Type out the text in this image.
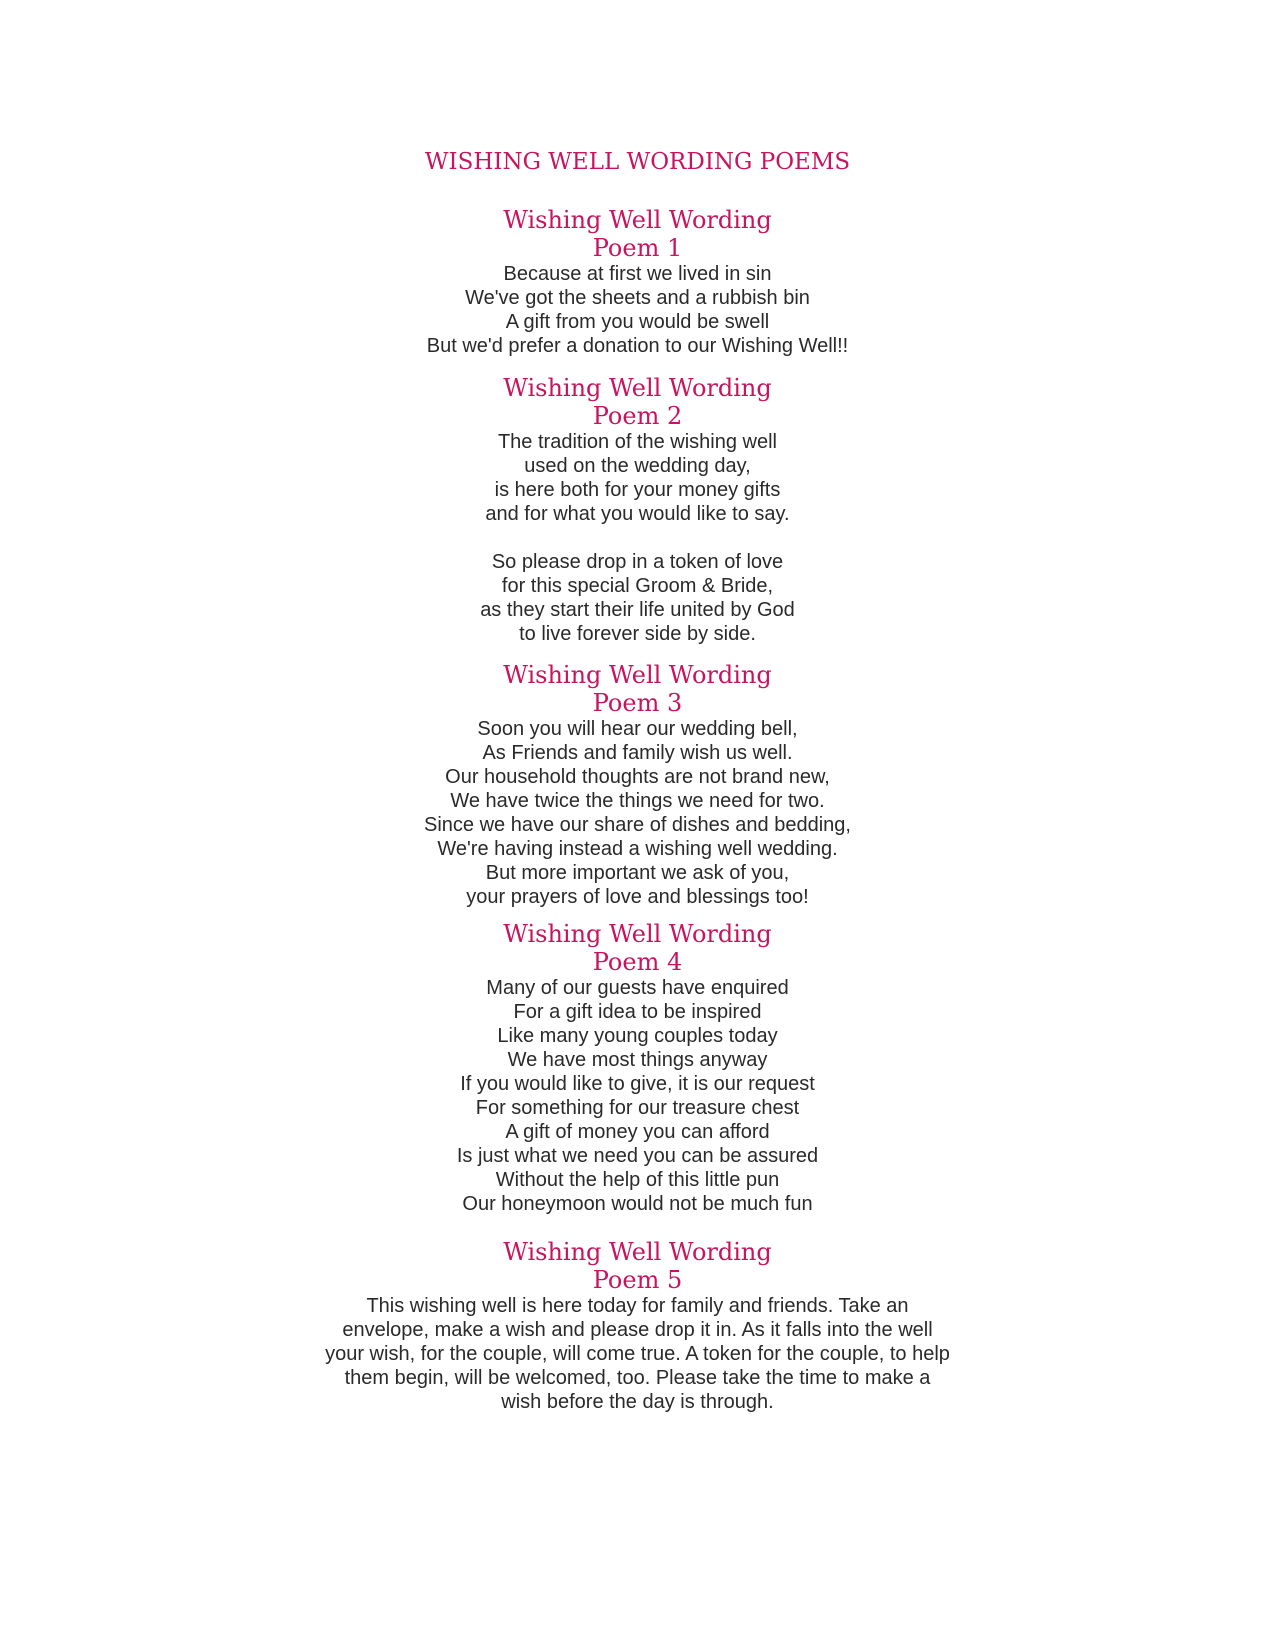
WISHING WELL WORDING POEMS
Wishing Well Wording
Poem 1
Because at first we lived in sin
We've got the sheets and a rubbish bin
A gift from you would be swell
But we'd prefer a donation to our Wishing Well!!
Wishing Well Wording
Poem 2
The tradition of the wishing well
used on the wedding day,
is here both for your money gifts
and for what you would like to say.
So please drop in a token of love
for this special Groom & Bride,
as they start their life united by God
to live forever side by side.
Wishing Well Wording
Poem 3
Soon you will hear our wedding bell,
As Friends and family wish us well.
Our household thoughts are not brand new,
We have twice the things we need for two.
Since we have our share of dishes and bedding,
We're having instead a wishing well wedding.
But more important we ask of you,
your prayers of love and blessings too!
Wishing Well Wording
Poem 4
Many of our guests have enquired
For a gift idea to be inspired
Like many young couples today
We have most things anyway
If you would like to give, it is our request
For something for our treasure chest
A gift of money you can afford
Is just what we need you can be assured
Without the help of this little pun
Our honeymoon would not be much fun
Wishing Well Wording
Poem 5
This wishing well is here today for family and friends. Take an envelope, make a wish and please drop it in. As it falls into the well your wish, for the couple, will come true. A token for the couple, to help them begin, will be welcomed, too. Please take the time to make a wish before the day is through.
